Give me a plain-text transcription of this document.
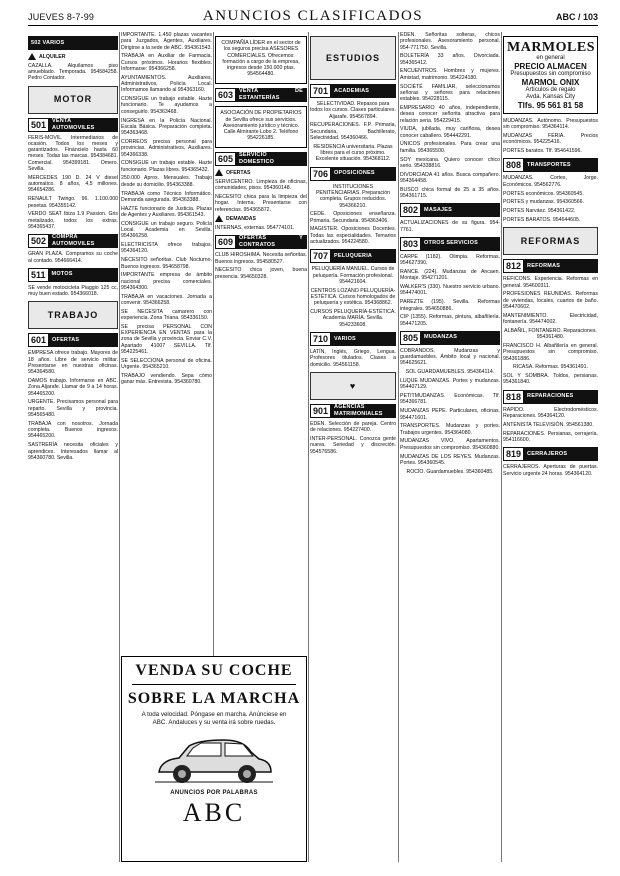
JUEVES 8-7-99	ANUNCIOS CLASIFICADOS	ABC / 103
502 VARIOS

ALQUILER

CAZALLA. Alquilamos piso amueblado. Temporada. 954584258. Pedro Contador.

MOTOR
501	VENTA AUTOMOVILES

FERIS-MOVIL. Intermediarios de ocasión. Todos los meses y garantizados. Fináncielo hasta 60 meses. Todas las marcas. 954384681. Comercial. 954399181. Omero. Sevilla.

MERCEDES 190 D. 24 V diesel automatico. 8 años, 4,5 millones. 954654286.

RENAULT Twingo. 96. 1.100.000 pesetas. 954355142.

VERDO SEAT Ibiza 1.9 Passion. Gris metalizado, todos los extras. 954365437.

502	COMPRA AUTOMOVILES

GRAN PLAZA. Compramos su coche al contado. 954666414.

511	MOTOS

SE vende motocicleta Piaggio 125 cc, muy buen estado. 954366018.

TRABAJO
601	OFERTAS

EMPRESA ofrece trabajo. Mayores de 18 años. Libre de servicio militar. Presentarse en nuestras oficinas. 954364580.

DAMOS trabajo. Informarse en ABC. Zona Aljarafe. Llamar de 9 a 14 horas. 954465200.

URGENTE. Precisamos personal para reparto. Sevilla y provincia. 954565480.

TRABAJA con nosotros. Jornada completa. Buenos ingresos. 954465200.

SASTRERÍA necesita oficiales y aprendices. Interesados llamar al 954360780. Sevilla.

IMPORTANTE. 1.450 plazas vacantes para Juzgados, Agentes, Auxiliares. Dirigirse a la sede de ABC. 954361543.

TRABAJA en Auxiliar de Farmacia. Cursos próximos. Horarios flexibles. Informarse: 954366258.

AYUNTAMIENTOS. Auxiliares, Administrativos, Policía Local. Informamos llamando al 954363160.

CONSIGUE un trabajo estable. Hazte funcionario. Te ayudamos a conseguirlo. 954363468.

INGRESA en la Policía Nacional. Escala Básica. Preparación completa. 954363468.

CORREOS precisa personal para provincias. Administrativos, Auxiliares. 954366338.

CONSIGUE un trabajo estable. Hazte funcionario. Plazas libres. 954365432.

250.000 Aprox. Mensuales. Trabajo desde su domicilio. 954363388.

TRABAJA como Técnico Informático. Demanda asegurada. 954363388.

HAZTE funcionario de Justicia. Plazas de Agentes y Auxiliares. 954361543.

CONSIGUE un trabajo seguro. Policía Local. Academia en Sevilla. 954366258.

ELECTRICISTA ofrece trabajos. 954364120.

NECESITO señoritas. Club Nocturno. Buenos ingresos. 954658798.

IMPORTANTE empresa de ámbito nacional precisa comerciales. 954364300.

TRABAJA en vacaciones. Jornada a convenir. 954366258.

SE NECESITA camarero con experiencia. Zona Triana. 954336150.

SE precisa PERSONAL CON EXPERIENCIA EN VENTAS para la zona de Sevilla y provincia. Enviar C.V. Apartado 41007 SEVILLA. Tlf. 954225461.

SE SELECCIONA personal de oficina. Urgente. 954365210.

TRABAJO vendiendo. Sepa cómo ganar más. Entrevista. 954360780.

COMPAÑÍA LÍDER en el sector de los seguros precisa ASESORES COMERCIALES. Ofrecemos: formación a cargo de la empresa, ingresos desde 150.000 ptas. 954564480.

603	VENTA DE ESTANTERÍAS

ASOCIACIÓN DE PROPIETARIOS de Sevilla ofrece sus servicios. Asesoramiento jurídico y técnico. Calle Almirante Lobo 2. Teléfono 954226185.

605	SERVICIO DOMESTICO

OFERTAS

SERVICENTRO. Limpieza de oficinas, comunidades, pisos. 954360148.

NECESITO chica para la limpieza del hogar. Interna. Presentarse con referencias. 954365872.

DEMANDAS

INTERNAS, externas. 954774101.

609	OFERTAS Y CONTRATOS

CLUB HIROSHIMA. Necesita señoritas. Buenos ingresos. 954580527.

NECESITO chica joven, buena presencia. 954650328.

VENDA SU COCHE
SOBRE LA MARCHA

A toda velocidad. Póngase en marcha. Anúnciese en ABC. Andaluces y su venta irá sobre ruedas.

ANUNCIOS POR PALABRAS
ABC
ESTUDIOS
701	ACADEMIAS

SELECTIVIDAD. Repasos para todos los cursos. Clases particulares. Aljarafe. 954567894.

RECUPERACIONES. F.P. Primaria, Secundaria, Bachillerato, Selectividad. 954360466.

RESIDENCIA universitaria. Plazas libres para el curso próximo. Excelente situación. 954368112.

706	OPOSICIONES

INSTITUCIONES PENITENCIARIAS. Preparación completa. Grupos reducidos. 954366210.

CEDE. Oposiciones enseñanza. Primaria, Secundaria. 954363406.

MAGISTER. Oposiciones Docentes. Todas las especialidades. Temarios actualizados. 954224580.

707	PELUQUERIA

PELUQUERÍA MANUEL. Cursos de peluquería. Formación profesional. 954421604.

CENTROS LOZANO PELUQUERÍA-ESTÉTICA. Cursos homologados de peluquería y estética. 954368862.

CURSOS PELUQUERÍA-ESTÉTICA. Academia MARÍA. Sevilla. 954233608.

710	VARIOS

LATÍN, Inglés, Griego, Lengua. Profesores titulados. Clases a domicilio. 954561158.

♥
901	AGENCIAS MATRIMONIALES

EDEN. Selección de pareja. Centro de relaciones. 954227400.

INTER-PERSONAL. Conozca gente nueva. Seriedad y discreción. 954576586.

EDEN. Señoritas solteras, chicos profesionales. Asesoramiento personal. 954-771750. Sevilla.

BOLETERÍA 33 años. Divorciada. 954365412.

ENCUENTROS. Hombres y mujeres. Amistad, matrimonio. 954224180.

SOCIÉTÉ FAMILIAR, seleccionamos señoras y señores para relaciones estables. 954228115.

EMPRESARIO 40 años, independiente, desea conocer señorita atractiva para relación seria. 954229415.

VIUDA, jubilada, muy cariñosa, desea conocer caballero. 954442291.

ÚNICOS profesionales. Para crear una familia. 954365500.

SOY mexicana. Quiero conocer chico serio. 954338816.

DIVORCIADA 41 años. Busca compañero. 954364458.

BUSCO chica formal de 25 a 35 años. 954361715.

802	MASAJES

ACTUALIZACIONES de su figura. 954-7761.

803	OTROS SERVICIOS

CARPE (1182). Olimpia. Reformas. 954627390.

RANCE. (224). Mudanzas de Ancaen. Montaje. 954271201.

WALKER'S (330). Nuestro servicio urbano. 954474001.

PAREZTE (195). Sevilla. Reformas integrales. 954650886.

CIP (1355). Reformas, pintura, albañilería. 954471205.

805	MUDANZAS

COBRANDOS. Mudanzas y guardamuebles. Ámbito local y nacional. 954625621.

SOL GUARDAMUEBLES. 954364114.

LUQUE MUDANZAS. Portes y mudanzas. 954407129.

PETITMUDANZAS. Económicas. Tlf. 954366781.

MUDANZAS PEPE. Particulares, oficinas. 954471601.

TRANSPORTES. Mudanzas y portes. Trabajos urgentes. 954364080.

MUDANZAS VIVO. Apartamentos. Presupuestos sin compromiso. 954360880.

MUDANZAS DE LOS REYES. Mudanzas. Portes. 954360545.

ROCÍO. Guardamuebles. 954360485.

MARMOLES
en general
PRECIO ALMACEN
Presupuestos sin compromiso
MARMOL ONIX
Artículos de regalo
Avda. Kansas City
Tlfs. 95 561 81 58

MUDANZAS. Autónomo. Presupuestos sin compromiso. 954364114.

MUDANZAS FERIA. Precios económicos. 954225416.

PORTES baratos. Tlf. 954641596.

808	TRANSPORTES

MUDANZAS. Cortes, Jorge. Económicos. 954562776.

PORTES económicos. 954360545.

PORTES y mudanzas. 954360566.

PORTES Narváez. 954361422.

PORTES BARATOS. 954644605.

REFORMAS
812	REFORMAS

REFICONS. Experiencia. Reformas en general. 954600311.

PROFESIONES REUNIDAS. Reformas de viviendas, locales, cuartos de baño. 954470602.

MANTENIMIENTO. Electricidad, fontanería. 954474002.

ALBAÑIL, FONTANERO. Reparaciones. 954361480.

FRANCISCO H. Albañilería en general. Presupuestos sin compromiso. 954361886.

RICASA. Reformas. 954361491.

SOL Y SOMBRA. Toldos, persianas. 954361840.

818	REPARACIONES

RAPIDO. Electrodomésticos. Reparaciones. 954364120.

ANTENISTA TELEVISIÓN. 954561380.

REPARACIONES. Persianas, cerrajería. 954116600.

819	CERRAJEROS

CERRAJEROS. Aperturas de puertas. Servicio urgente 24 horas. 954364120.
